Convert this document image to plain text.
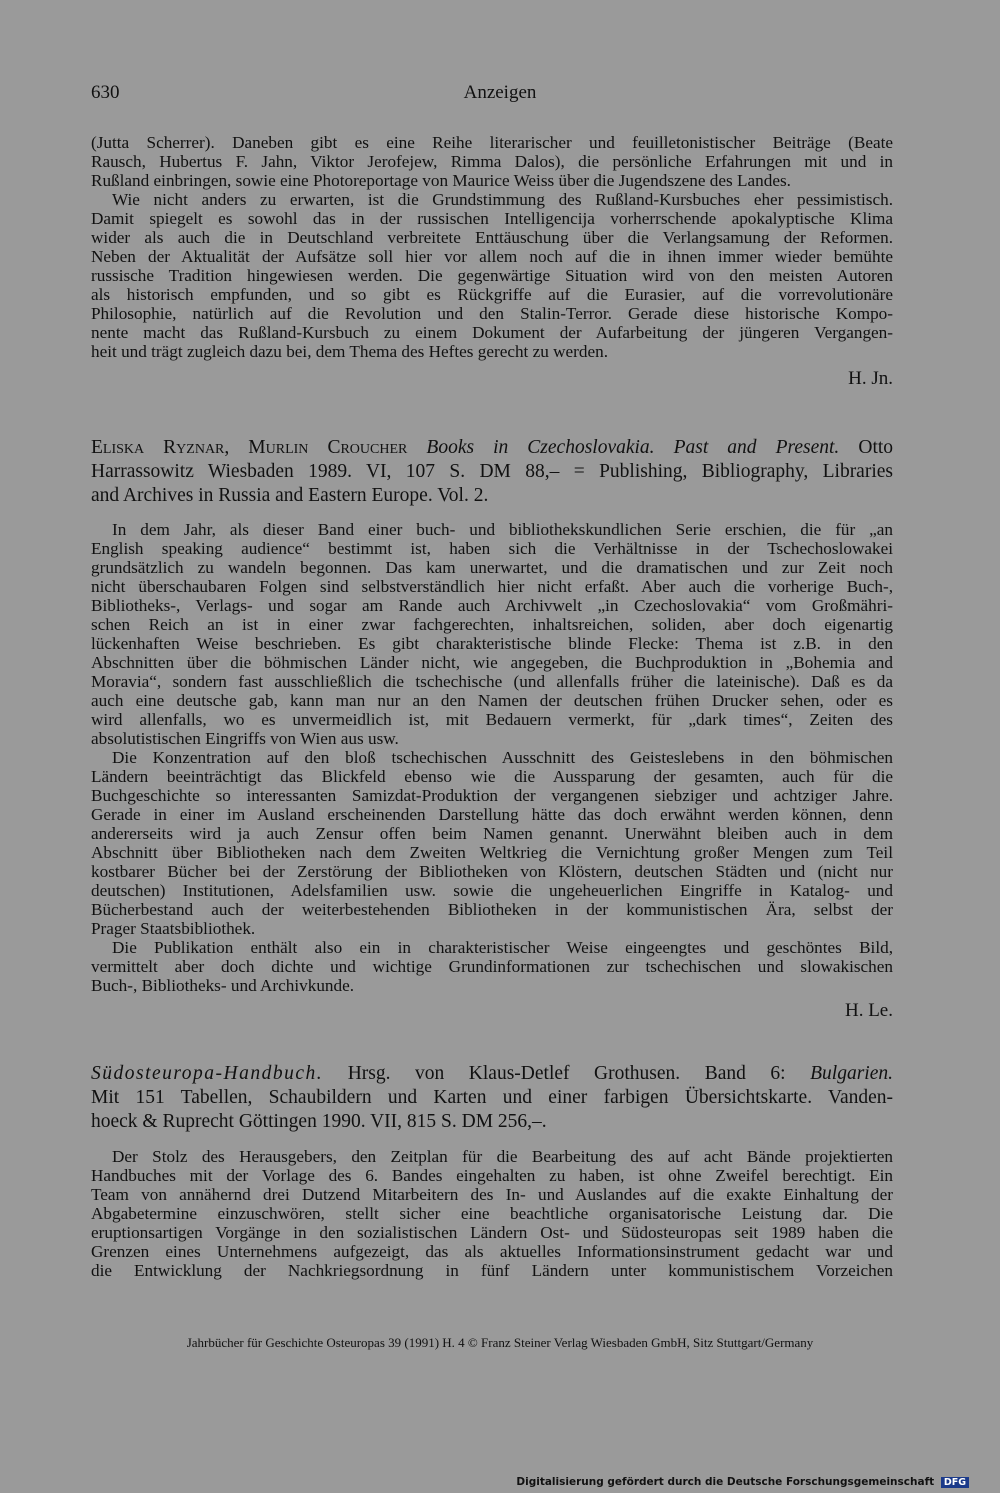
630	Anzeigen
(Jutta Scherrer). Daneben gibt es eine Reihe literarischer und feuilletonistischer Beiträge (Beate
Rausch, Hubertus F. Jahn, Viktor Jerofejew, Rimma Dalos), die persönliche Erfahrungen mit und in
Rußland einbringen, sowie eine Photoreportage von Maurice Weiss über die Jugendszene des Landes.
Wie nicht anders zu erwarten, ist die Grundstimmung des Rußland-Kursbuches eher pessimistisch.
Damit spiegelt es sowohl das in der russischen Intelligencija vorherrschende apokalyptische Klima
wider als auch die in Deutschland verbreitete Enttäuschung über die Verlangsamung der Reformen.
Neben der Aktualität der Aufsätze soll hier vor allem noch auf die in ihnen immer wieder bemühte
russische Tradition hingewiesen werden. Die gegenwärtige Situation wird von den meisten Autoren
als historisch empfunden, und so gibt es Rückgriffe auf die Eurasier, auf die vorrevolutionäre
Philosophie, natürlich auf die Revolution und den Stalin-Terror. Gerade diese historische Kompo-
nente macht das Rußland-Kursbuch zu einem Dokument der Aufarbeitung der jüngeren Vergangen-
heit und trägt zugleich dazu bei, dem Thema des Heftes gerecht zu werden.
H. Jn.
Eliska Ryznar, Murlin Croucher Books in Czechoslovakia. Past and Present. Otto
Harrassowitz Wiesbaden 1989. VI, 107 S. DM 88,– = Publishing, Bibliography, Libraries
and Archives in Russia and Eastern Europe. Vol. 2.
In dem Jahr, als dieser Band einer buch- und bibliothekskundlichen Serie erschien, die für „an
English speaking audience“ bestimmt ist, haben sich die Verhältnisse in der Tschechoslowakei
grundsätzlich zu wandeln begonnen. Das kam unerwartet, und die dramatischen und zur Zeit noch
nicht überschaubaren Folgen sind selbstverständlich hier nicht erfaßt. Aber auch die vorherige Buch-,
Bibliotheks-, Verlags- und sogar am Rande auch Archivwelt „in Czechoslovakia“ vom Großmähri-
schen Reich an ist in einer zwar fachgerechten, inhaltsreichen, soliden, aber doch eigenartig
lückenhaften Weise beschrieben. Es gibt charakteristische blinde Flecke: Thema ist z.B. in den
Abschnitten über die böhmischen Länder nicht, wie angegeben, die Buchproduktion in „Bohemia and
Moravia“, sondern fast ausschließlich die tschechische (und allenfalls früher die lateinische). Daß es da
auch eine deutsche gab, kann man nur an den Namen der deutschen frühen Drucker sehen, oder es
wird allenfalls, wo es unvermeidlich ist, mit Bedauern vermerkt, für „dark times“, Zeiten des
absolutistischen Eingriffs von Wien aus usw.
Die Konzentration auf den bloß tschechischen Ausschnitt des Geisteslebens in den böhmischen
Ländern beeinträchtigt das Blickfeld ebenso wie die Aussparung der gesamten, auch für die
Buchgeschichte so interessanten Samizdat-Produktion der vergangenen siebziger und achtziger Jahre.
Gerade in einer im Ausland erscheinenden Darstellung hätte das doch erwähnt werden können, denn
andererseits wird ja auch Zensur offen beim Namen genannt. Unerwähnt bleiben auch in dem
Abschnitt über Bibliotheken nach dem Zweiten Weltkrieg die Vernichtung großer Mengen zum Teil
kostbarer Bücher bei der Zerstörung der Bibliotheken von Klöstern, deutschen Städten und (nicht nur
deutschen) Institutionen, Adelsfamilien usw. sowie die ungeheuerlichen Eingriffe in Katalog- und
Bücherbestand auch der weiterbestehenden Bibliotheken in der kommunistischen Ära, selbst der
Prager Staatsbibliothek.
Die Publikation enthält also ein in charakteristischer Weise eingeengtes und geschöntes Bild,
vermittelt aber doch dichte und wichtige Grundinformationen zur tschechischen und slowakischen
Buch-, Bibliotheks- und Archivkunde.
H. Le.
Südosteuropa-Handbuch. Hrsg. von Klaus-Detlef Grothusen. Band 6: Bulgarien.
Mit 151 Tabellen, Schaubildern und Karten und einer farbigen Übersichtskarte. Vanden-
hoeck & Ruprecht Göttingen 1990. VII, 815 S. DM 256,–.
Der Stolz des Herausgebers, den Zeitplan für die Bearbeitung des auf acht Bände projektierten
Handbuches mit der Vorlage des 6. Bandes eingehalten zu haben, ist ohne Zweifel berechtigt. Ein
Team von annähernd drei Dutzend Mitarbeitern des In- und Auslandes auf die exakte Einhaltung der
Abgabetermine einzuschwören, stellt sicher eine beachtliche organisatorische Leistung dar. Die
eruptionsartigen Vorgänge in den sozialistischen Ländern Ost- und Südosteuropas seit 1989 haben die
Grenzen eines Unternehmens aufgezeigt, das als aktuelles Informationsinstrument gedacht war und
die Entwicklung der Nachkriegsordnung in fünf Ländern unter kommunistischem Vorzeichen
Jahrbücher für Geschichte Osteuropas 39 (1991) H. 4 © Franz Steiner Verlag Wiesbaden GmbH, Sitz Stuttgart/Germany
Digitalisierung gefördert durch die Deutsche Forschungsgemeinschaft DFG
